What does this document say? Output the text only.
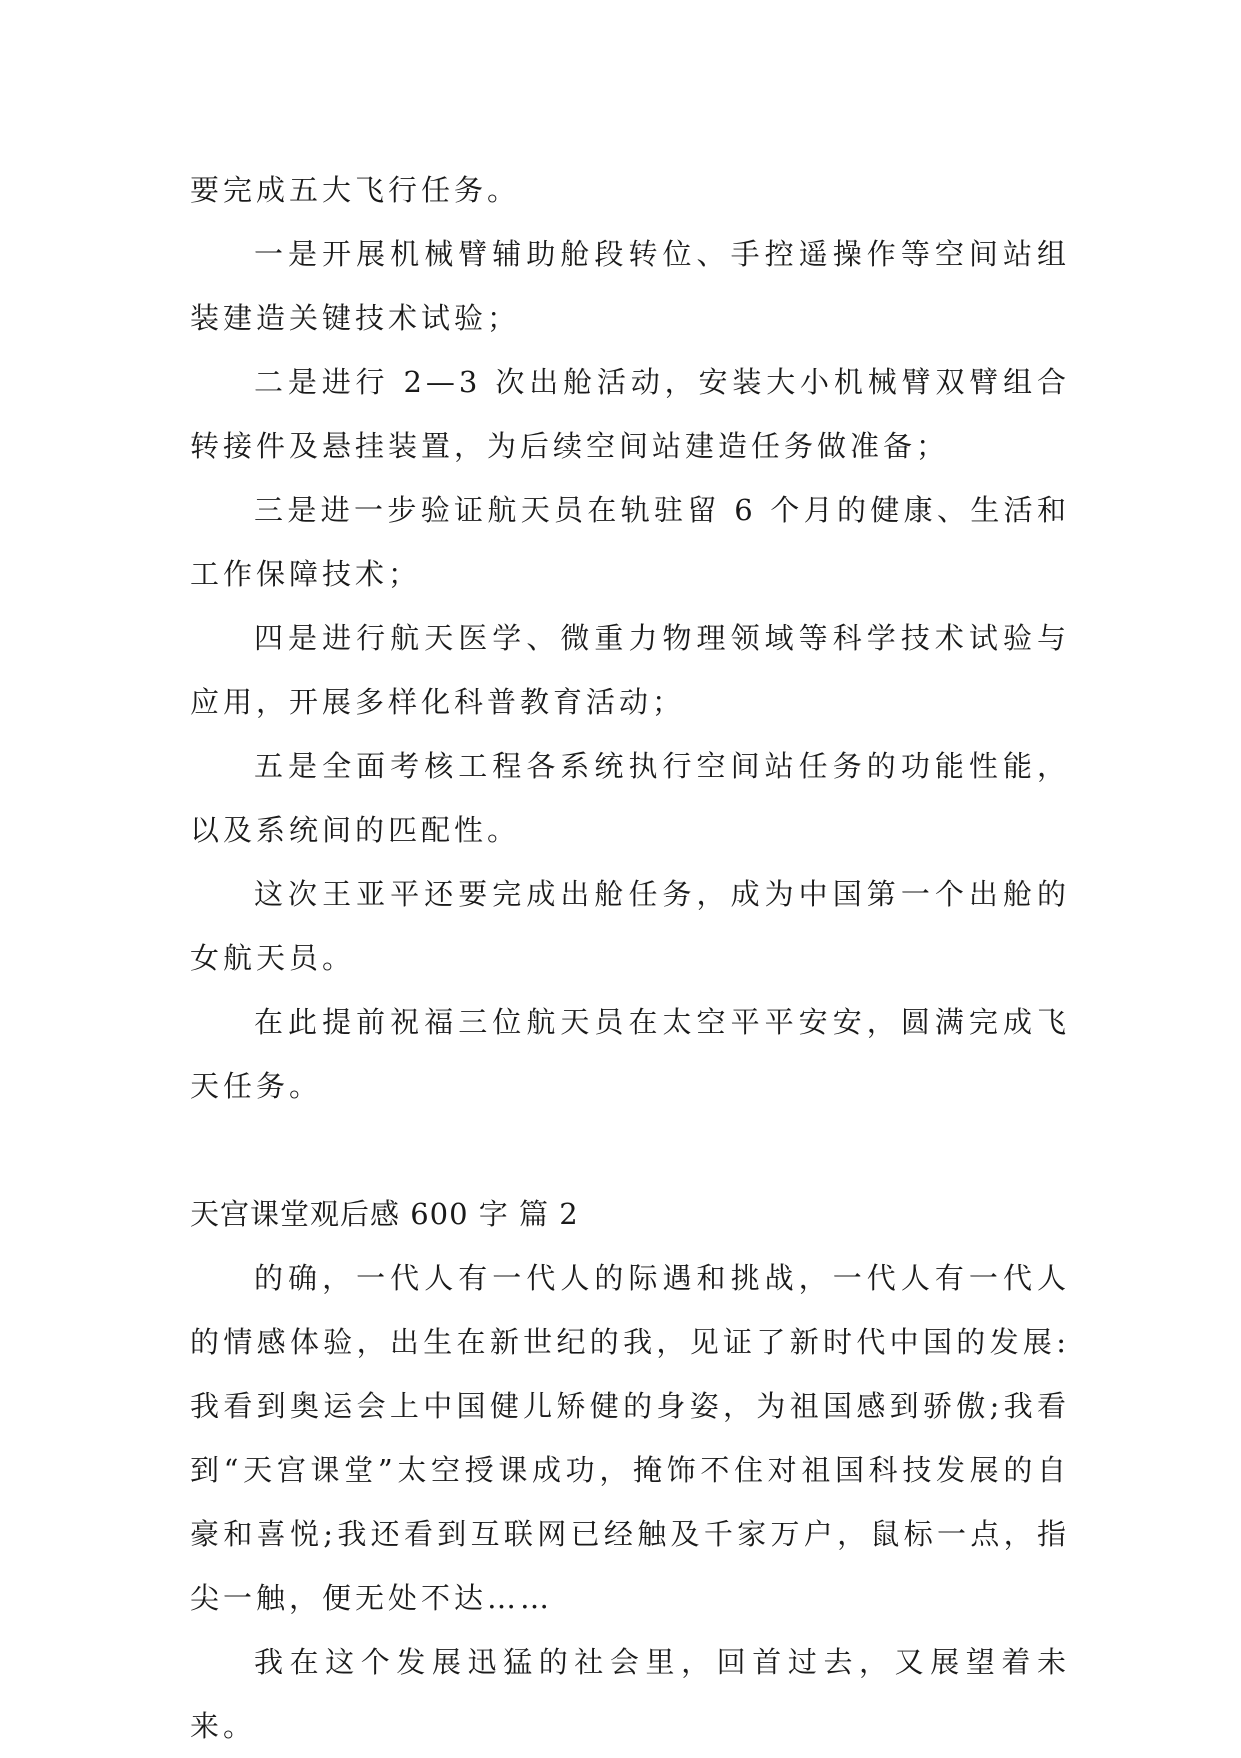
要完成五大飞行任务。

一是开展机械臂辅助舱段转位、手控遥操作等空间站组装建造关键技术试验；

二是进行 2—3 次出舱活动，安装大小机械臂双臂组合转接件及悬挂装置，为后续空间站建造任务做准备；

三是进一步验证航天员在轨驻留 6 个月的健康、生活和工作保障技术；

四是进行航天医学、微重力物理领域等科学技术试验与应用，开展多样化科普教育活动；

五是全面考核工程各系统执行空间站任务的功能性能，以及系统间的匹配性。

这次王亚平还要完成出舱任务，成为中国第一个出舱的女航天员。

在此提前祝福三位航天员在太空平平安安，圆满完成飞天任务。

天宫课堂观后感 600 字 篇 2

的确，一代人有一代人的际遇和挑战，一代人有一代人的情感体验，出生在新世纪的我，见证了新时代中国的发展:我看到奥运会上中国健儿矫健的身姿，为祖国感到骄傲;我看到“天宫课堂”太空授课成功，掩饰不住对祖国科技发展的自豪和喜悦;我还看到互联网已经触及千家万户，鼠标一点，指尖一触，便无处不达……

我在这个发展迅猛的社会里，回首过去，又展望着未来。
